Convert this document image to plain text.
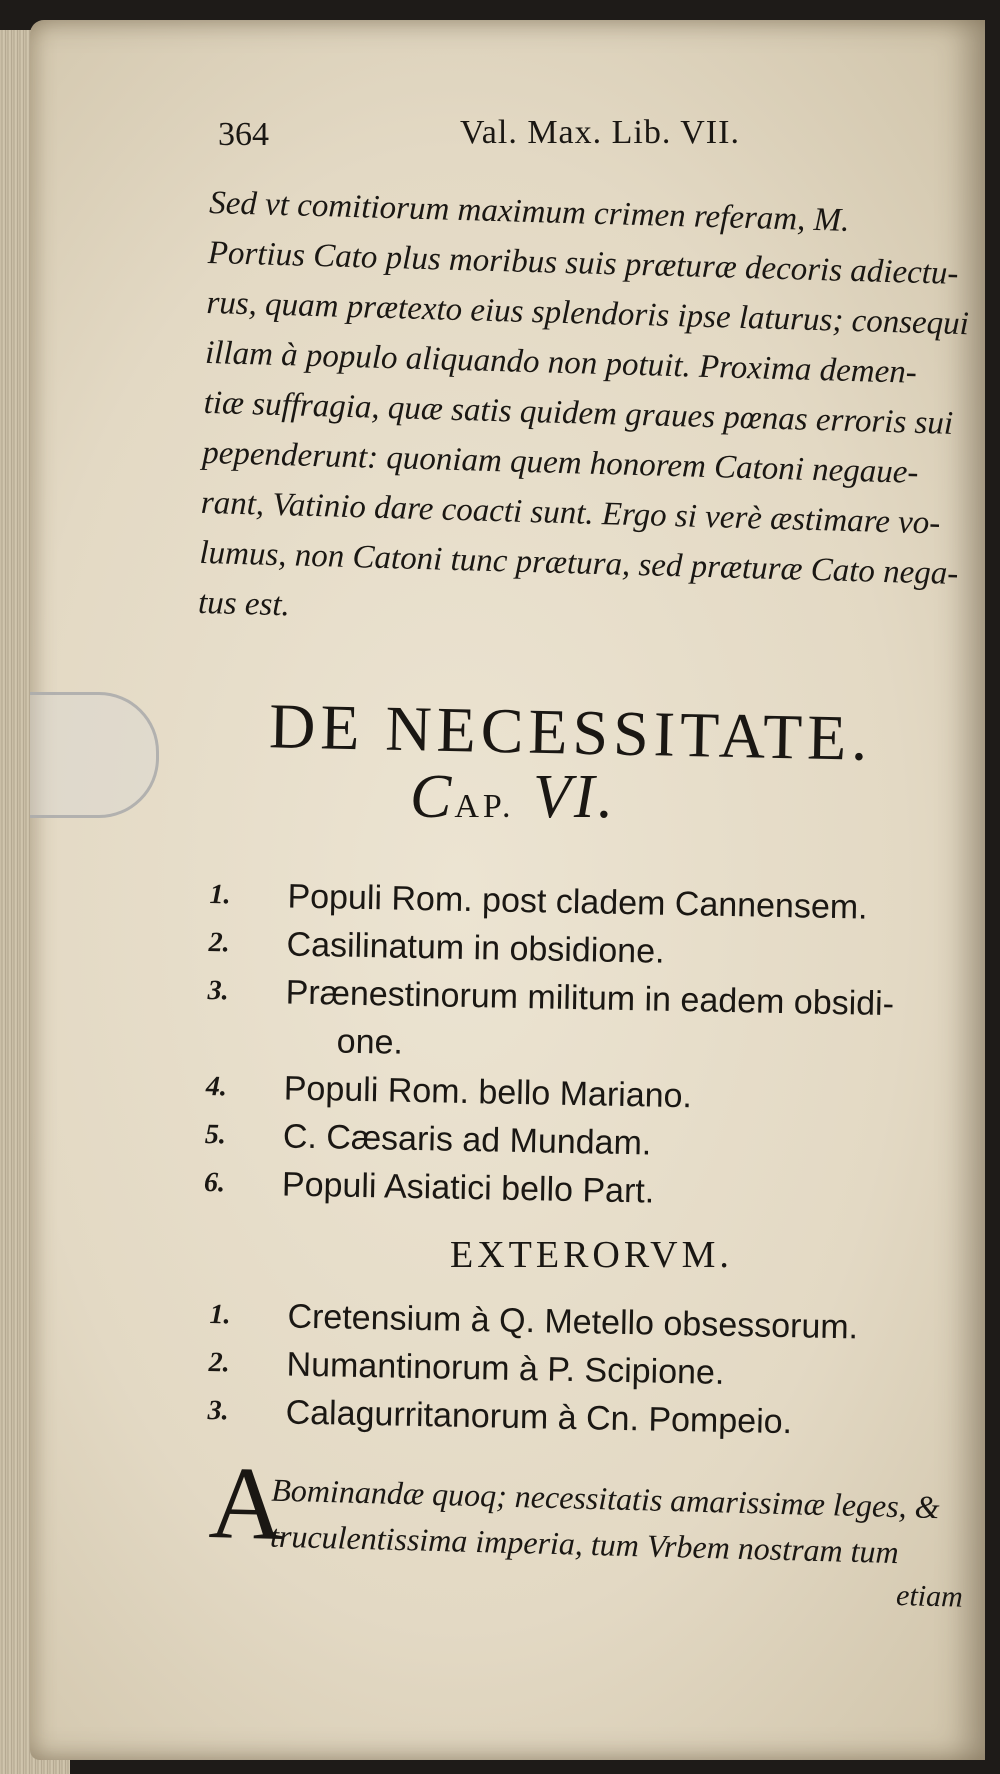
364	Val. Max. Lib. VII.
Sed vt comitiorum maximum crimen referam, M.
Portius Cato plus moribus suis præturæ decoris adiectu-
rus, quam prætexto eius splendoris ipse laturus; consequi
illam à populo aliquando non potuit. Proxima demen-
tiæ suffragia, quæ satis quidem graues pœnas erroris sui
pependerunt: quoniam quem honorem Catoni negaue-
rant, Vatinio dare coacti sunt. Ergo si verè æstimare vo-
lumus, non Catoni tunc prætura, sed præturæ Cato nega-
tus est.
DE NECESSITATE.
CAP. VI.
1.	Populi Rom. post cladem Cannensem.
2.	Casilinatum in obsidione.
3.	Prænestinorum militum in eadem obsidi-
one.
4.	Populi Rom. bello Mariano.
5.	C. Cæsaris ad Mundam.
6.	Populi Asiatici bello Part.
EXTERORVM.
1.	Cretensium à Q. Metello obsessorum.
2.	Numantinorum à P. Scipione.
3.	Calagurritanorum à Cn. Pompeio.
A
Bominandæ quoq; necessitatis amarissimæ leges, &
truculentissima imperia, tum Vrbem nostram tum
etiam
